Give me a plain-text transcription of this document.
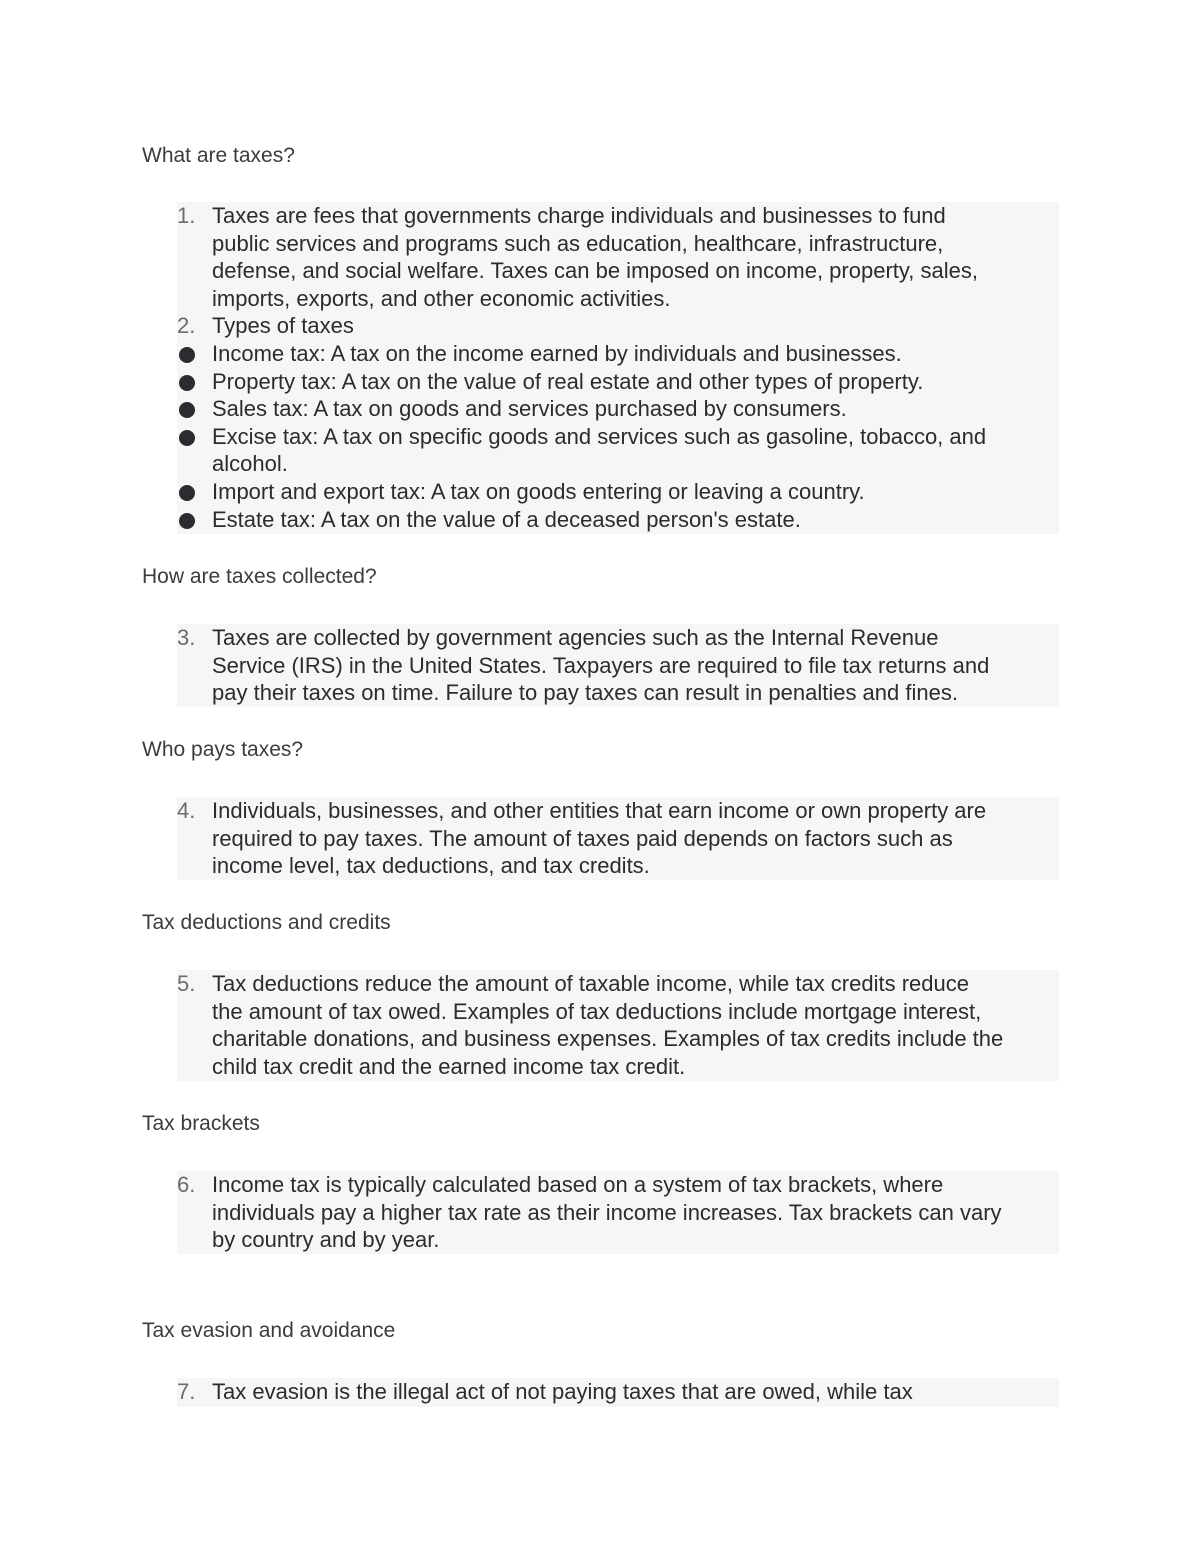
What are taxes?
1. Taxes are fees that governments charge individuals and businesses to fund
public services and programs such as education, healthcare, infrastructure,
defense, and social welfare. Taxes can be imposed on income, property, sales,
imports, exports, and other economic activities.
2. Types of taxes
Income tax: A tax on the income earned by individuals and businesses.
Property tax: A tax on the value of real estate and other types of property.
Sales tax: A tax on goods and services purchased by consumers.
Excise tax: A tax on specific goods and services such as gasoline, tobacco, and
alcohol.
Import and export tax: A tax on goods entering or leaving a country.
Estate tax: A tax on the value of a deceased person's estate.
How are taxes collected?
3. Taxes are collected by government agencies such as the Internal Revenue
Service (IRS) in the United States. Taxpayers are required to file tax returns and
pay their taxes on time. Failure to pay taxes can result in penalties and fines.
Who pays taxes?
4. Individuals, businesses, and other entities that earn income or own property are
required to pay taxes. The amount of taxes paid depends on factors such as
income level, tax deductions, and tax credits.
Tax deductions and credits
5. Tax deductions reduce the amount of taxable income, while tax credits reduce
the amount of tax owed. Examples of tax deductions include mortgage interest,
charitable donations, and business expenses. Examples of tax credits include the
child tax credit and the earned income tax credit.
Tax brackets
6. Income tax is typically calculated based on a system of tax brackets, where
individuals pay a higher tax rate as their income increases. Tax brackets can vary
by country and by year.
Tax evasion and avoidance
7. Tax evasion is the illegal act of not paying taxes that are owed, while tax
